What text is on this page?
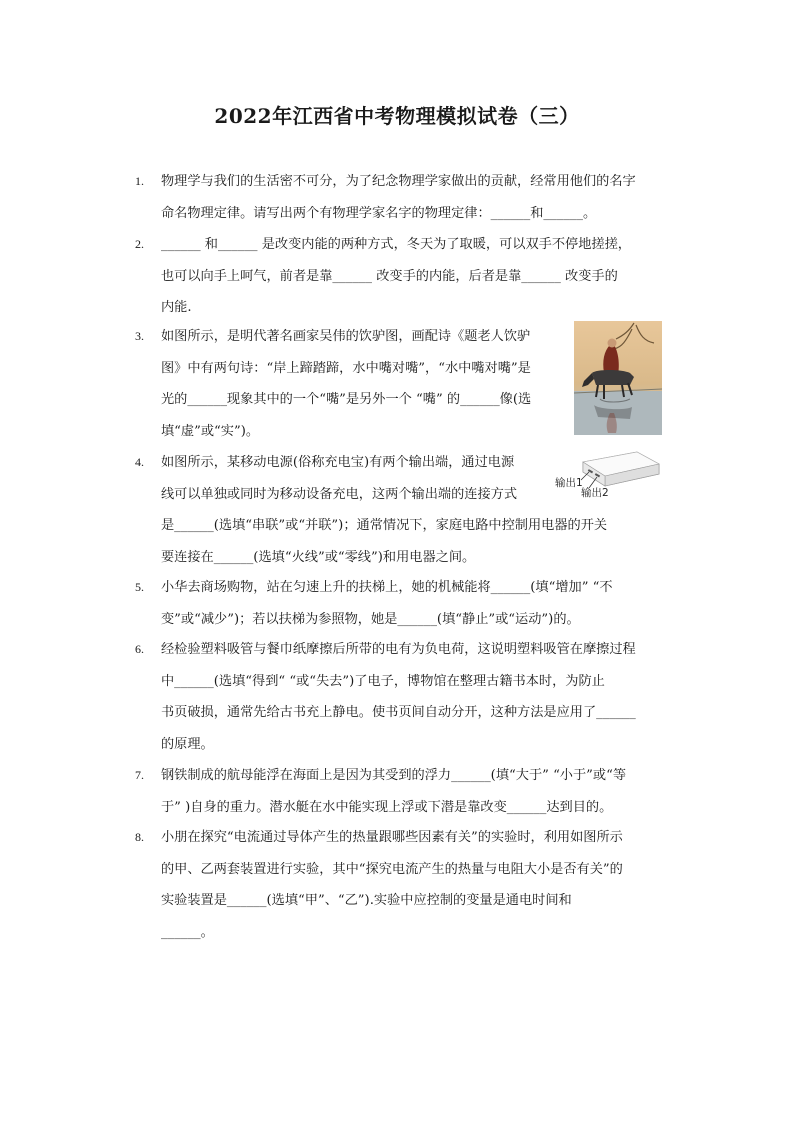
2022年江西省中考物理模拟试卷（三）
1.	物理学与我们的生活密不可分，为了纪念物理学家做出的贡献，经常用他们的名字
命名物理定律。请写出两个有物理学家名字的物理定律：______和______。
2.	______ 和______ 是改变内能的两种方式，冬天为了取暖，可以双手不停地搓搓，
也可以向手上呵气，前者是靠______ 改变手的内能，后者是靠______ 改变手的
内能.
3.	如图所示，是明代著名画家吴伟的饮驴图，画配诗《题老人饮驴
图》中有两句诗：“岸上蹄踏蹄，水中嘴对嘴”，“水中嘴对嘴”是
光的______现象其中的一个“嘴”是另外一个 “嘴” 的______像(选
填“虚”或“实”)。
4.	如图所示，某移动电源(俗称充电宝)有两个输出端，通过电源
线可以单独或同时为移动设备充电，这两个输出端的连接方式
是______(选填“串联”或“并联”)；通常情况下，家庭电路中控制用电器的开关
要连接在______(选填“火线”或“零线”)和用电器之间。
输出1
输出2
5.	小华去商场购物，站在匀速上升的扶梯上，她的机械能将______(填“增加” “不
变”或“减少”)；若以扶梯为参照物，她是______(填“静止”或“运动”)的。
6.	经检验塑料吸管与餐巾纸摩擦后所带的电有为负电荷，这说明塑料吸管在摩擦过程
中______(选填“得到“ “或“失去”)了电子，博物馆在整理古籍书本时，为防止
书页破损，通常先给古书充上静电。使书页间自动分开，这种方法是应用了______
的原理。
7.	钢铁制成的航母能浮在海面上是因为其受到的浮力______(填“大于” “小于”或“等
于” )自身的重力。潜水艇在水中能实现上浮或下潜是靠改变______达到目的。
8.	小朋在探究“电流通过导体产生的热量跟哪些因素有关”的实验时，利用如图所示
的甲、乙两套装置进行实验，其中“探究电流产生的热量与电阻大小是否有关”的
实验装置是______(选填“甲”、“乙”).实验中应控制的变量是通电时间和
______。
